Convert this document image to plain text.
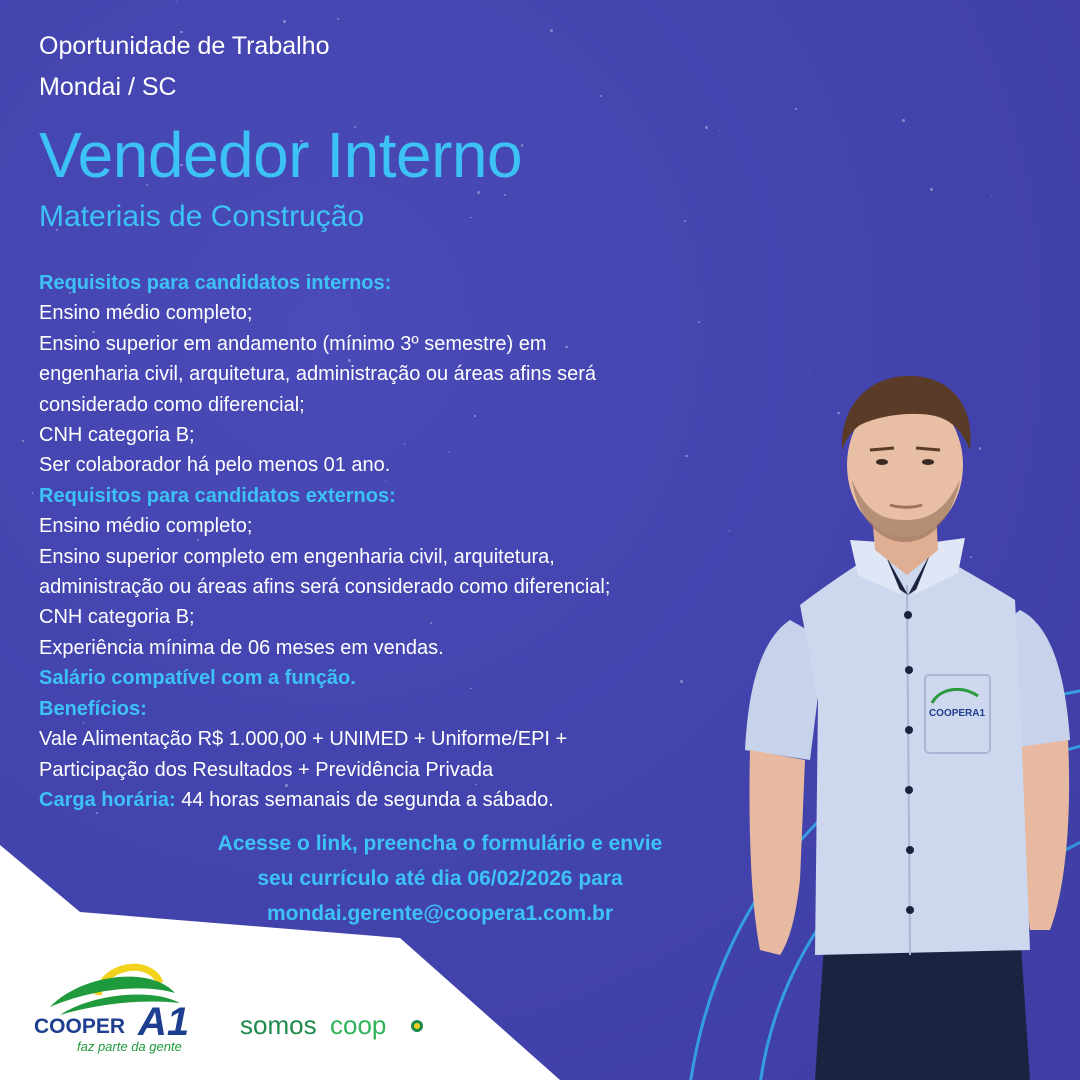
Oportunidade de Trabalho
Mondai / SC
Vendedor Interno
Materiais de Construção

Requisitos para candidatos internos:

Ensino médio completo;

Ensino superior em andamento (mínimo 3º semestre) em

engenharia civil, arquitetura, administração ou áreas afins será

considerado como diferencial;

CNH categoria B;

Ser colaborador há pelo menos 01 ano.

Requisitos para candidatos externos:

Ensino médio completo;

Ensino superior completo em engenharia civil, arquitetura,

administração ou áreas afins será considerado como diferencial;

CNH categoria B;

Experiência mínima de 06 meses em vendas.

Salário compatível com a função.

Benefícios:

Vale Alimentação R$ 1.000,00 + UNIMED + Uniforme/EPI +

Participação dos Resultados + Previdência Privada

Carga horária: 44 horas semanais de segunda a sábado.

Acesse o link, preencha o formulário e envie

seu currículo até dia 06/02/2026 para

mondai.gerente@coopera1.com.br

COOPERA1
COOPER A1
faz parte da gente
somos coop
